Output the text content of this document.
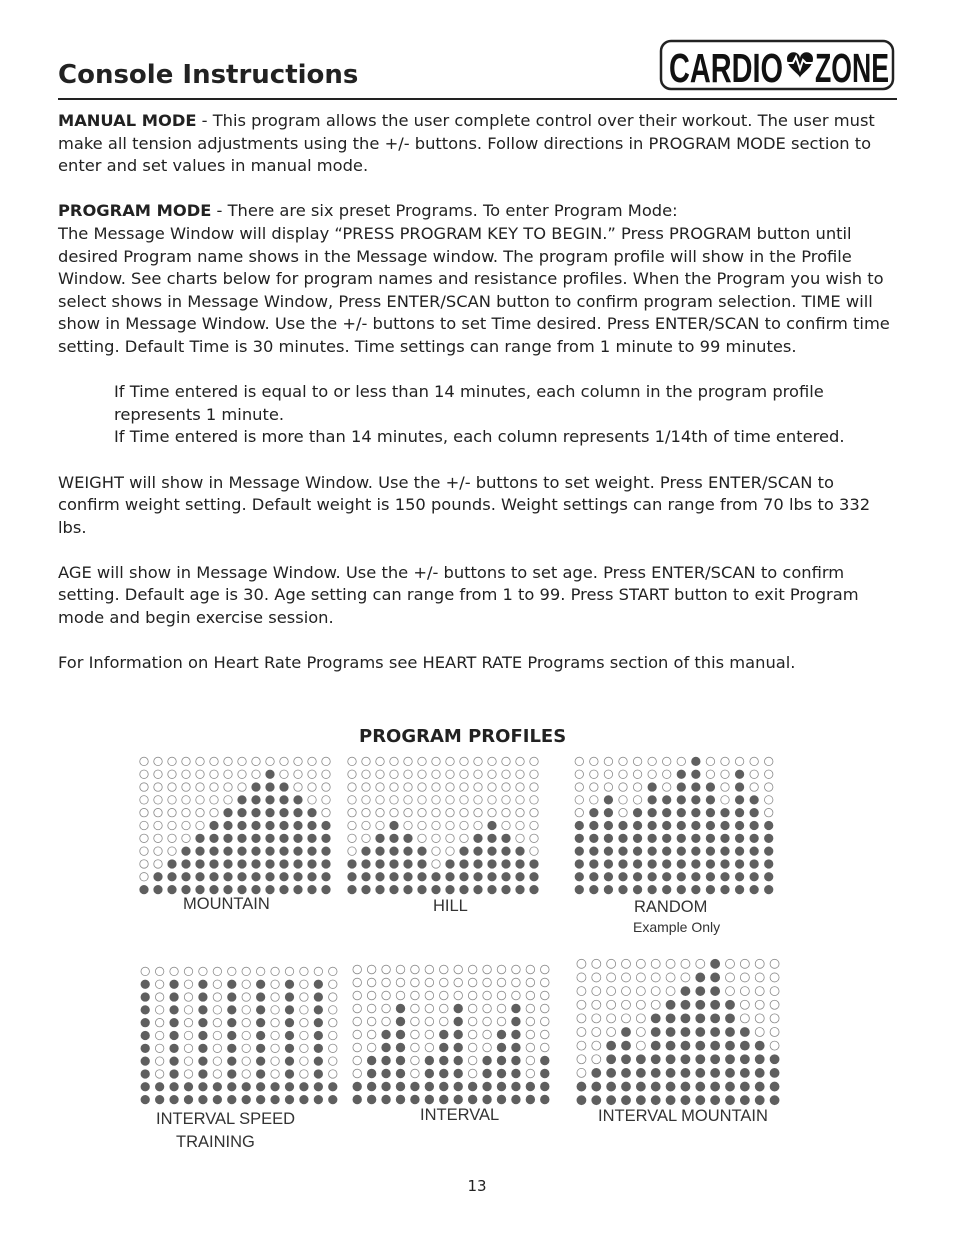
Console Instructions	CARDIO ZONE

MANUAL MODE - This program allows the user complete control over their workout. The user must make all tension adjustments using the +/- buttons. Follow directions in PROGRAM MODE section to enter and set values in manual mode.

PROGRAM MODE - There are six preset Programs. To enter Program Mode:
The Message Window will display “PRESS PROGRAM KEY TO BEGIN.” Press PROGRAM button until desired Program name shows in the Message window. The program profile will show in the Profile Window. See charts below for program names and resistance profiles. When the Program you wish to select shows in Message Window, Press ENTER/SCAN button to confirm program selection. TIME will show in Message Window. Use the +/- buttons to set Time desired. Press ENTER/SCAN to confirm time setting. Default Time is 30 minutes. Time settings can range from 1 minute to 99 minutes.

If Time entered is equal to or less than 14 minutes, each column in the program profile represents 1 minute.

If Time entered is more than 14 minutes, each column represents 1/14th of time entered.

WEIGHT will show in Message Window. Use the +/- buttons to set weight. Press ENTER/SCAN to confirm weight setting. Default weight is 150 pounds. Weight settings can range from 70 lbs to 332 lbs.

AGE will show in Message Window. Use the +/- buttons to set age. Press ENTER/SCAN to confirm setting. Default age is 30. Age setting can range from 1 to 99. Press START button to exit Program mode and begin exercise session.

For Information on Heart Rate Programs see HEART RATE Programs section of this manual.

PROGRAM PROFILES
MOUNTAIN	HILL	RANDOM
Example Only
INTERVAL SPEED
TRAINING
INTERVAL	INTERVAL MOUNTAIN
13
